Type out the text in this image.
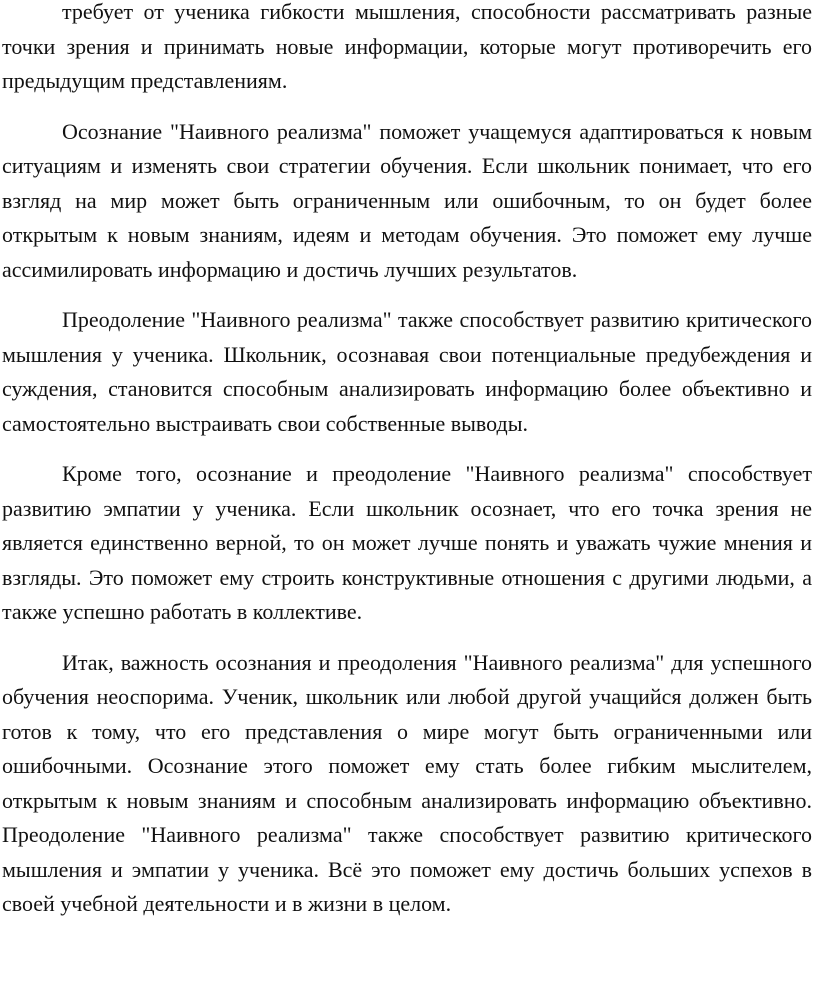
требует от ученика гибкости мышления, способности рассматривать разные точки зрения и принимать новые информации, которые могут противоречить его предыдущим представлениям.

Осознание "Наивного реализма" поможет учащемуся адаптироваться к новым ситуациям и изменять свои стратегии обучения. Если школьник понимает, что его взгляд на мир может быть ограниченным или ошибочным, то он будет более открытым к новым знаниям, идеям и методам обучения. Это поможет ему лучше ассимилировать информацию и достичь лучших результатов.

Преодоление "Наивного реализма" также способствует развитию критического мышления у ученика. Школьник, осознавая свои потенциальные предубеждения и суждения, становится способным анализировать информацию более объективно и самостоятельно выстраивать свои собственные выводы.

Кроме того, осознание и преодоление "Наивного реализма" способствует развитию эмпатии у ученика. Если школьник осознает, что его точка зрения не является единственно верной, то он может лучше понять и уважать чужие мнения и взгляды. Это поможет ему строить конструктивные отношения с другими людьми, а также успешно работать в коллективе.

Итак, важность осознания и преодоления "Наивного реализма" для успешного обучения неоспорима. Ученик, школьник или любой другой учащийся должен быть готов к тому, что его представления о мире могут быть ограниченными или ошибочными. Осознание этого поможет ему стать более гибким мыслителем, открытым к новым знаниям и способным анализировать информацию объективно. Преодоление "Наивного реализма" также способствует развитию критического мышления и эмпатии у ученика. Всё это поможет ему достичь больших успехов в своей учебной деятельности и в жизни в целом.
